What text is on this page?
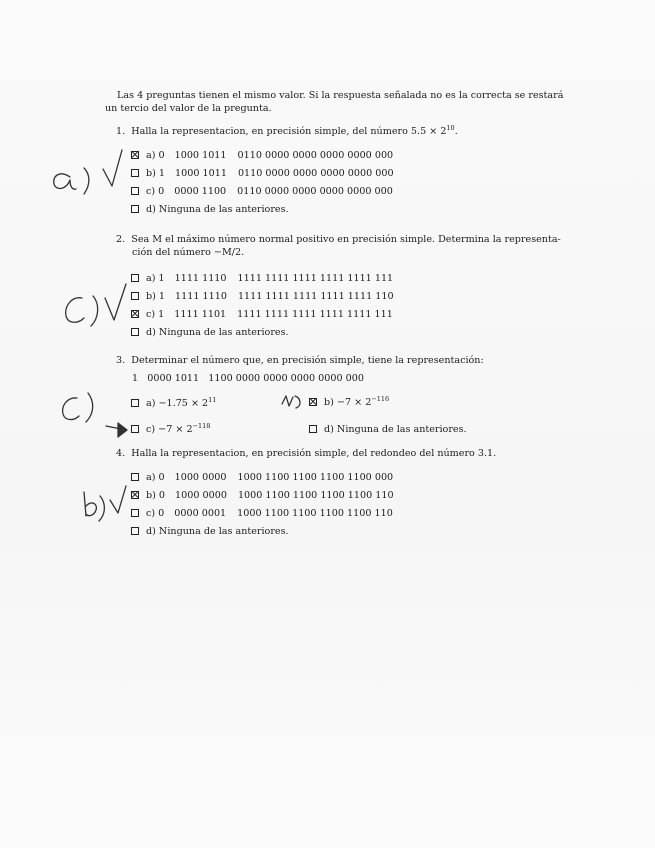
Las 4 preguntas tienen el mismo valor. Si la respuesta señalada no es la correcta se restará
un tercio del valor de la pregunta.
1. Halla la representacion, en precisión simple, del número $5.5 \times 2^{10}$.
a) 0 1000 1011 0110 0000 0000 0000 0000 000
b) 1 1000 1011 0110 0000 0000 0000 0000 000
c) 0 0000 1100 0110 0000 0000 0000 0000 000
d) Ninguna de las anteriores.
2. Sea M el máximo número normal positivo en precisión simple. Determina la representa-
ción del número −M/2.
a) 1 1111 1110 1111 1111 1111 1111 1111 111
b) 1 1111 1110 1111 1111 1111 1111 1111 110
c) 1 1111 1101 1111 1111 1111 1111 1111 111
d) Ninguna de las anteriores.
3. Determinar el número que, en precisión simple, tiene la representación:
1   0000 1011   1100 0000 0000 0000 0000 000
$a) -1.75 \times 2^{11}$	$b) -7 \times 2^{-116}$
$c) -7 \times 2^{-118}$	d) Ninguna de las anteriores.
4. Halla la representacion, en precisión simple, del redondeo del número 3.1.
a) 0 1000 0000 1000 1100 1100 1100 1100 000
b) 0 1000 0000 1000 1100 1100 1100 1100 110
c) 0 0000 0001 1000 1100 1100 1100 1100 110
d) Ninguna de las anteriores.
